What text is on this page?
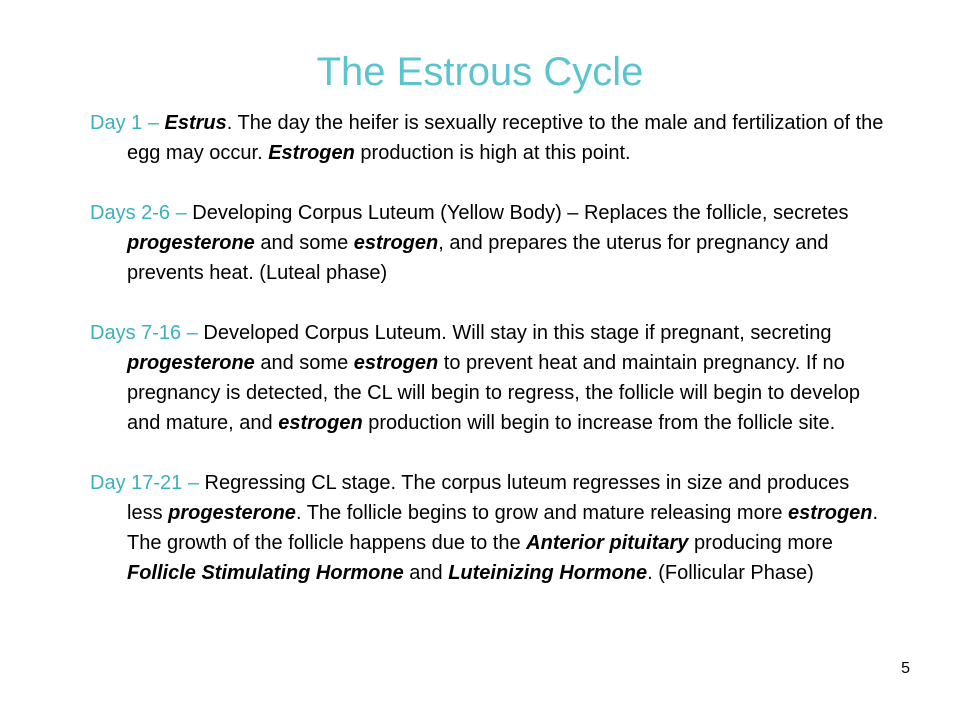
The Estrous Cycle

Day 1 – Estrus. The day the heifer is sexually receptive to the male and fertilization of the egg may occur. Estrogen production is high at this point.

Days 2-6 – Developing Corpus Luteum (Yellow Body) – Replaces the follicle, secretes progesterone and some estrogen, and prepares the uterus for pregnancy and prevents heat. (Luteal phase)

Days 7-16 – Developed Corpus Luteum. Will stay in this stage if pregnant, secreting progesterone and some estrogen to prevent heat and maintain pregnancy. If no pregnancy is detected, the CL will begin to regress, the follicle will begin to develop and mature, and estrogen production will begin to increase from the follicle site.

Day 17-21 – Regressing CL stage. The corpus luteum regresses in size and produces less progesterone. The follicle begins to grow and mature releasing more estrogen. The growth of the follicle happens due to the Anterior pituitary producing more Follicle Stimulating Hormone and Luteinizing Hormone. (Follicular Phase)

5
